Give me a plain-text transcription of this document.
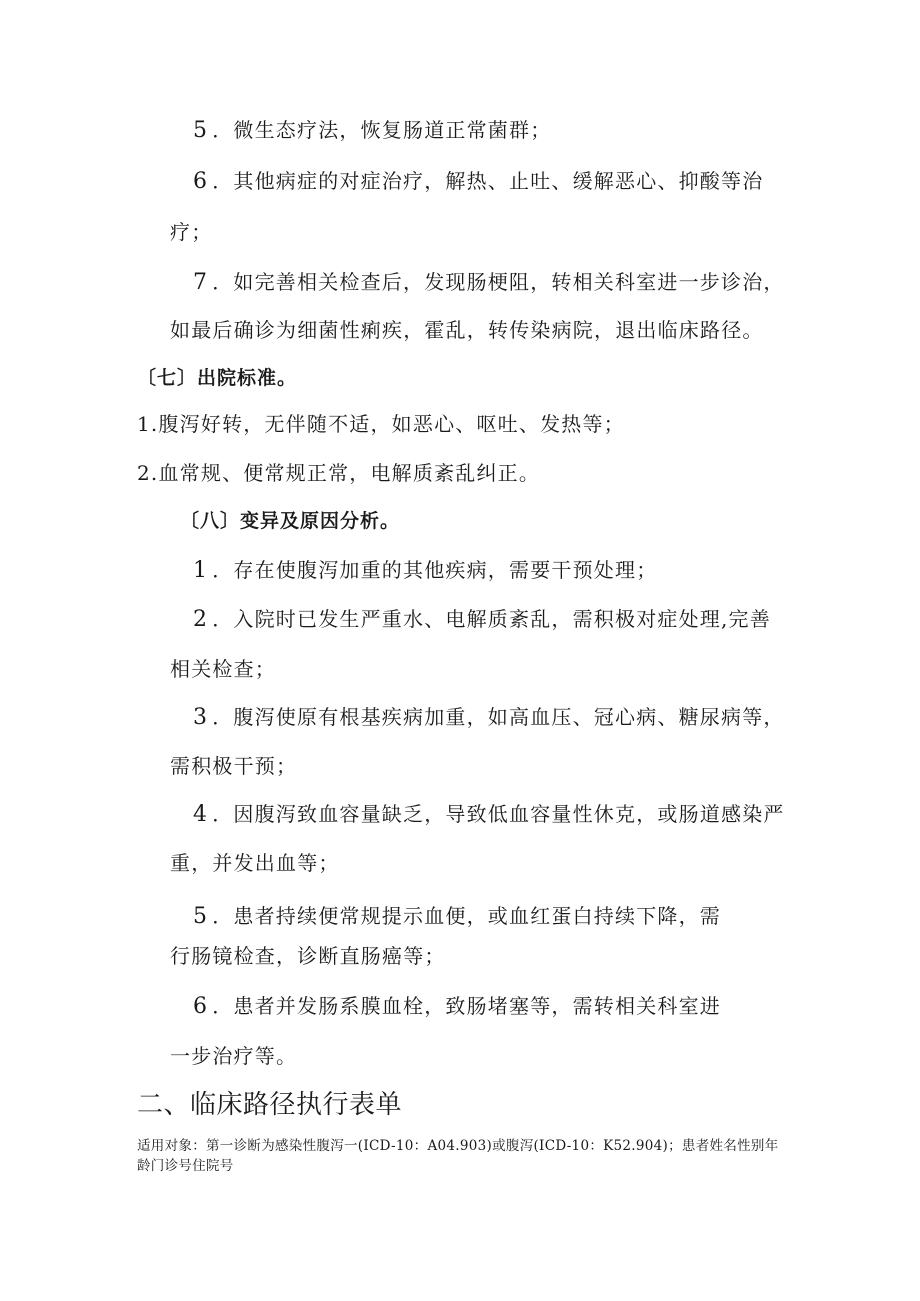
5 ．微生态疗法，恢复肠道正常菌群；
6 ．其他病症的对症治疗，解热、止吐、缓解恶心、抑酸等治
疗；
7 ．如完善相关检查后，发现肠梗阻，转相关科室进一步诊治，
如最后确诊为细菌性痢疾，霍乱，转传染病院，退出临床路径。
〔七〕出院标准。
1.腹泻好转，无伴随不适，如恶心、呕吐、发热等；
2.血常规、便常规正常，电解质紊乱纠正。
〔八〕变异及原因分析。
1 ．存在使腹泻加重的其他疾病，需要干预处理；
2 ．入院时已发生严重水、电解质紊乱，需积极对症处理,完善
相关检查；
3 ．腹泻使原有根基疾病加重，如高血压、冠心病、糖尿病等，
需积极干预；
4 ．因腹泻致血容量缺乏，导致低血容量性休克，或肠道感染严
重，并发出血等；
5 ．患者持续便常规提示血便，或血红蛋白持续下降，需
行肠镜检查，诊断直肠癌等；
6 ．患者并发肠系膜血栓，致肠堵塞等，需转相关科室进
一步治疗等。
二、临床路径执行表单
适用对象：第一诊断为感染性腹泻一(ICD-10：A04.903)或腹泻(ICD-10：K52.904)；患者姓名性别年龄门诊号住院号
